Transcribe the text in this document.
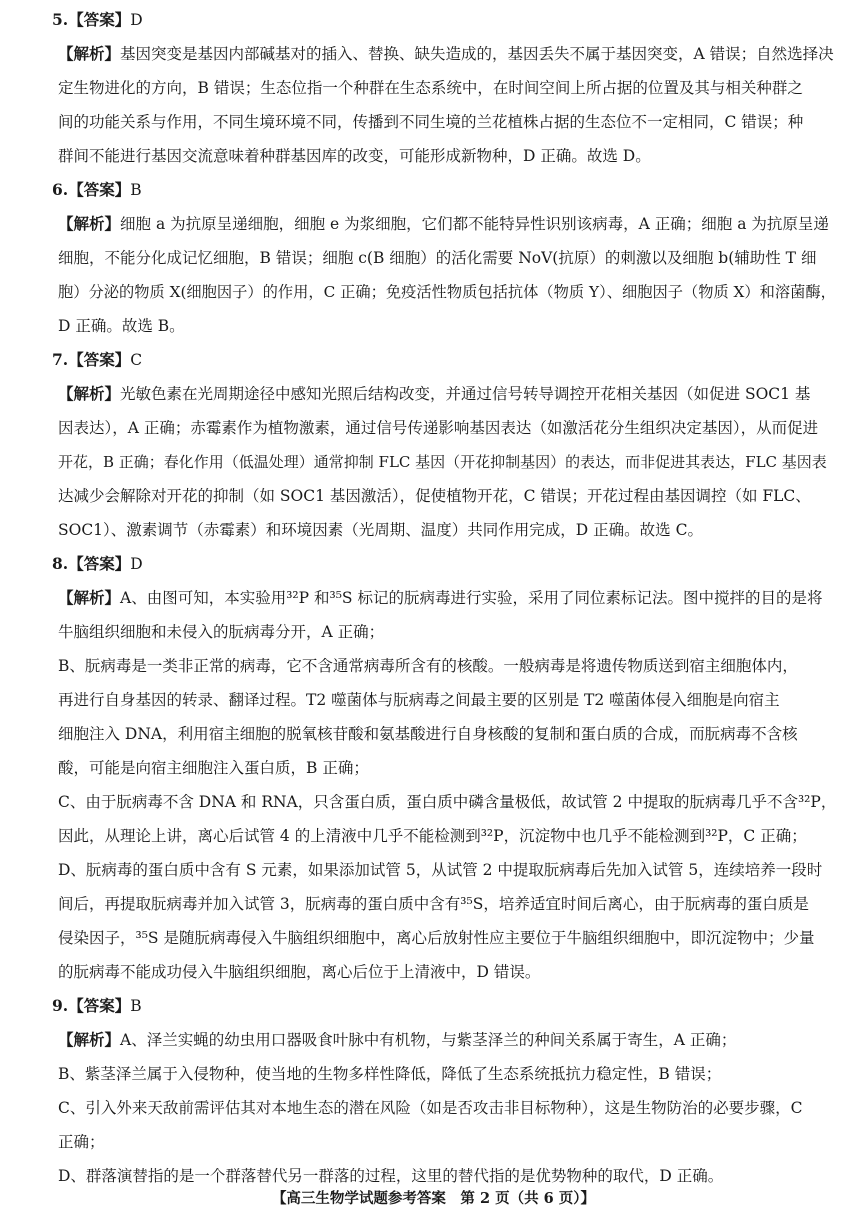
5.【答案】D
【解析】基因突变是基因内部碱基对的插入、替换、缺失造成的，基因丢失不属于基因突变，A 错误；自然选择决
定生物进化的方向，B 错误；生态位指一个种群在生态系统中，在时间空间上所占据的位置及其与相关种群之
间的功能关系与作用，不同生境环境不同，传播到不同生境的兰花植株占据的生态位不一定相同，C 错误；种
群间不能进行基因交流意味着种群基因库的改变，可能形成新物种，D 正确。故选 D。
6.【答案】B
【解析】细胞 a 为抗原呈递细胞，细胞 e 为浆细胞，它们都不能特异性识别该病毒，A 正确；细胞 a 为抗原呈递
细胞，不能分化成记忆细胞，B 错误；细胞 c(B 细胞）的活化需要 NoV(抗原）的刺激以及细胞 b(辅助性 T 细
胞）分泌的物质 X(细胞因子）的作用，C 正确；免疫活性物质包括抗体（物质 Y）、细胞因子（物质 X）和溶菌酶，
D 正确。故选 B。
7.【答案】C
【解析】光敏色素在光周期途径中感知光照后结构改变，并通过信号转导调控开花相关基因（如促进 SOC1 基
因表达），A 正确；赤霉素作为植物激素，通过信号传递影响基因表达（如激活花分生组织决定基因），从而促进
开花，B 正确；春化作用（低温处理）通常抑制 FLC 基因（开花抑制基因）的表达，而非促进其表达，FLC 基因表
达减少会解除对开花的抑制（如 SOC1 基因激活），促使植物开花，C 错误；开花过程由基因调控（如 FLC、
SOC1）、激素调节（赤霉素）和环境因素（光周期、温度）共同作用完成，D 正确。故选 C。
8.【答案】D
【解析】A、由图可知，本实验用³²P 和³⁵S 标记的朊病毒进行实验，采用了同位素标记法。图中搅拌的目的是将
牛脑组织细胞和未侵入的朊病毒分开，A 正确；
B、朊病毒是一类非正常的病毒，它不含通常病毒所含有的核酸。一般病毒是将遗传物质送到宿主细胞体内，
再进行自身基因的转录、翻译过程。T2 噬菌体与朊病毒之间最主要的区别是 T2 噬菌体侵入细胞是向宿主
细胞注入 DNA，利用宿主细胞的脱氧核苷酸和氨基酸进行自身核酸的复制和蛋白质的合成，而朊病毒不含核
酸，可能是向宿主细胞注入蛋白质，B 正确；
C、由于朊病毒不含 DNA 和 RNA，只含蛋白质，蛋白质中磷含量极低，故试管 2 中提取的朊病毒几乎不含³²P，
因此，从理论上讲，离心后试管 4 的上清液中几乎不能检测到³²P，沉淀物中也几乎不能检测到³²P，C 正确；
D、朊病毒的蛋白质中含有 S 元素，如果添加试管 5，从试管 2 中提取朊病毒后先加入试管 5，连续培养一段时
间后，再提取朊病毒并加入试管 3，朊病毒的蛋白质中含有³⁵S，培养适宜时间后离心，由于朊病毒的蛋白质是
侵染因子，³⁵S 是随朊病毒侵入牛脑组织细胞中，离心后放射性应主要位于牛脑组织细胞中，即沉淀物中；少量
的朊病毒不能成功侵入牛脑组织细胞，离心后位于上清液中，D 错误。
9.【答案】B
【解析】A、泽兰实蝇的幼虫用口器吸食叶脉中有机物，与紫茎泽兰的种间关系属于寄生，A 正确；
B、紫茎泽兰属于入侵物种，使当地的生物多样性降低，降低了生态系统抵抗力稳定性，B 错误；
C、引入外来天敌前需评估其对本地生态的潜在风险（如是否攻击非目标物种），这是生物防治的必要步骤，C
正确；
D、群落演替指的是一个群落替代另一群落的过程，这里的替代指的是优势物种的取代，D 正确。
【高三生物学试题参考答案　第 2 页（共 6 页）】
